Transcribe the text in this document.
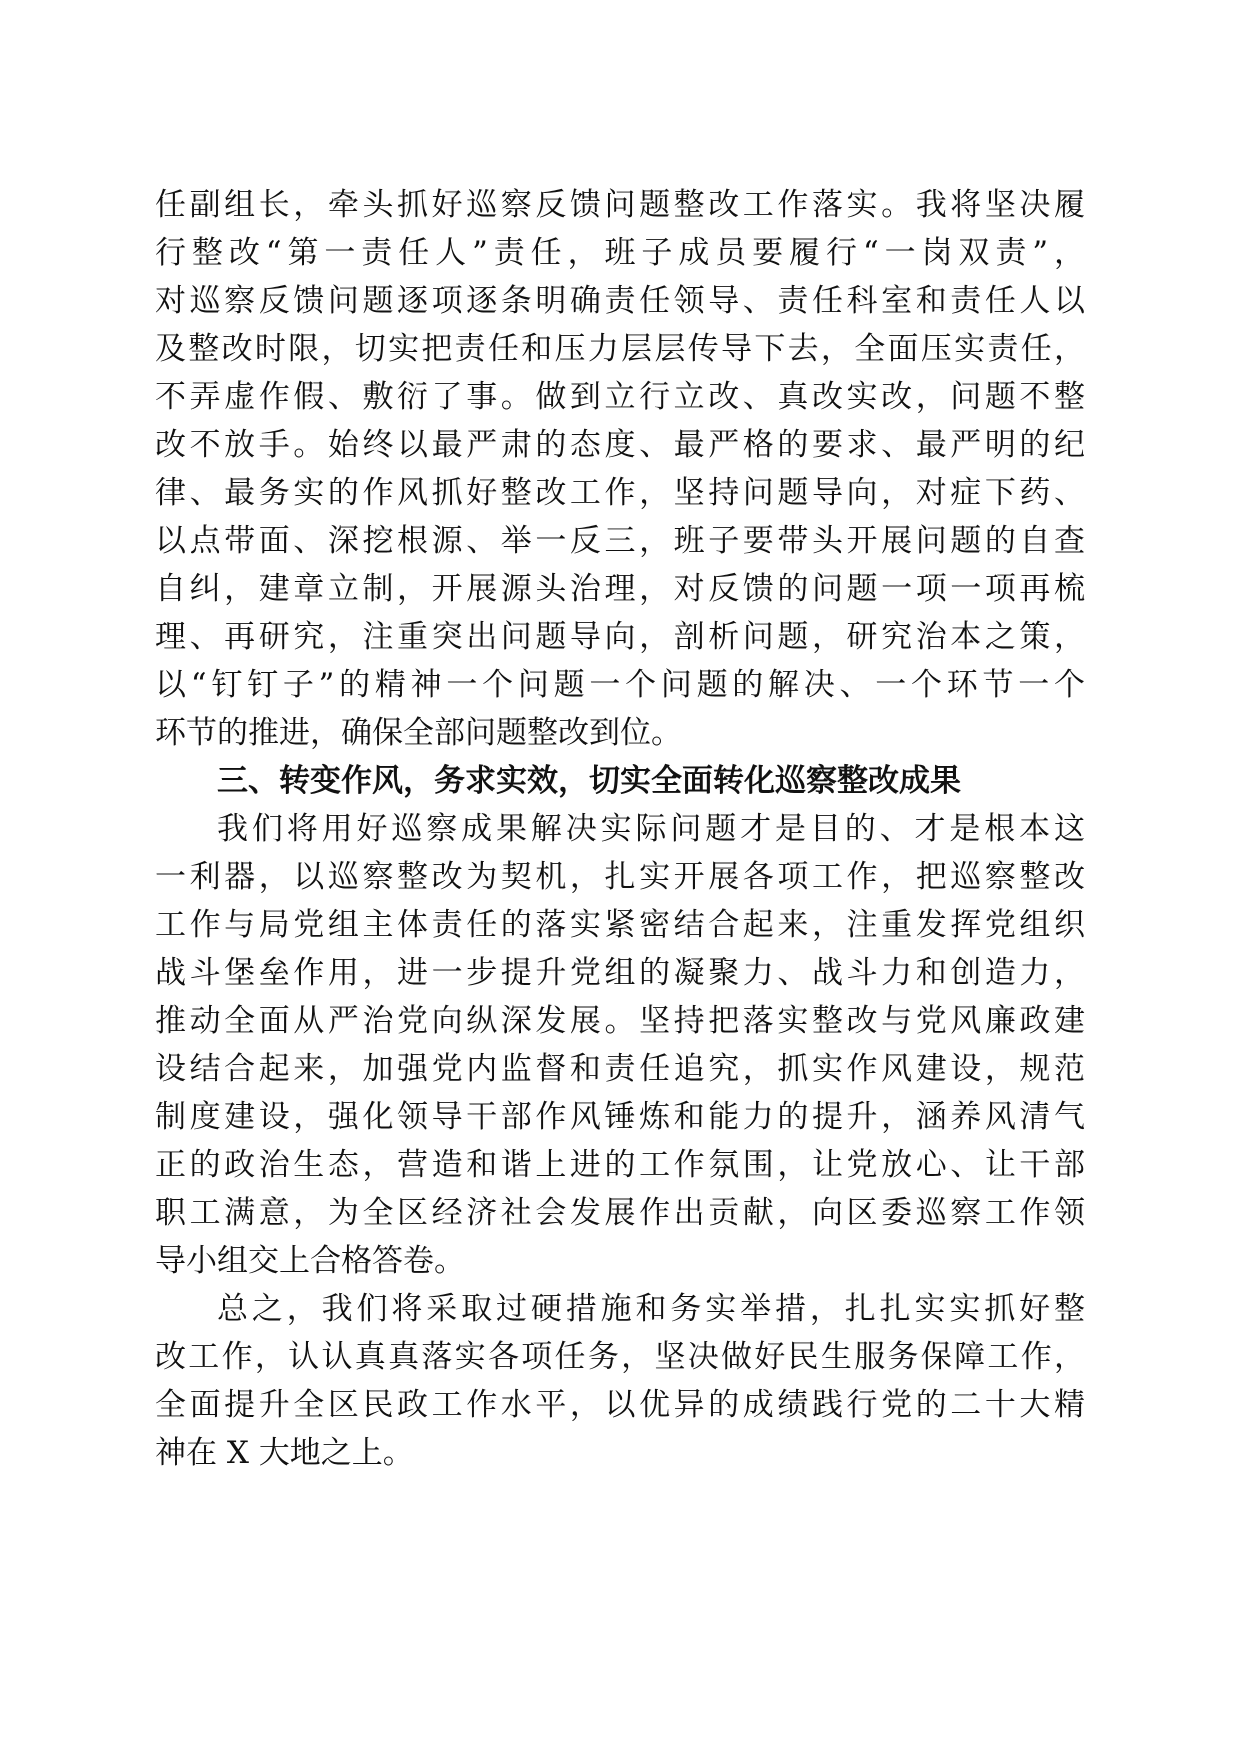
任副组长，牵头抓好巡察反馈问题整改工作落实。我将坚决履
行整改“第一责任人”责任，班子成员要履行“一岗双责”，
对巡察反馈问题逐项逐条明确责任领导、责任科室和责任人以
及整改时限，切实把责任和压力层层传导下去，全面压实责任，
不弄虚作假、敷衍了事。做到立行立改、真改实改，问题不整
改不放手。始终以最严肃的态度、最严格的要求、最严明的纪
律、最务实的作风抓好整改工作，坚持问题导向，对症下药、
以点带面、深挖根源、举一反三，班子要带头开展问题的自查
自纠，建章立制，开展源头治理，对反馈的问题一项一项再梳
理、再研究，注重突出问题导向，剖析问题，研究治本之策，
以“钉钉子”的精神一个问题一个问题的解决、一个环节一个
环节的推进，确保全部问题整改到位。
三、转变作风，务求实效，切实全面转化巡察整改成果
我们将用好巡察成果解决实际问题才是目的、才是根本这
一利器，以巡察整改为契机，扎实开展各项工作，把巡察整改
工作与局党组主体责任的落实紧密结合起来，注重发挥党组织
战斗堡垒作用，进一步提升党组的凝聚力、战斗力和创造力，
推动全面从严治党向纵深发展。坚持把落实整改与党风廉政建
设结合起来，加强党内监督和责任追究，抓实作风建设，规范
制度建设，强化领导干部作风锤炼和能力的提升，涵养风清气
正的政治生态，营造和谐上进的工作氛围，让党放心、让干部
职工满意，为全区经济社会发展作出贡献，向区委巡察工作领
导小组交上合格答卷。
总之，我们将采取过硬措施和务实举措，扎扎实实抓好整
改工作，认认真真落实各项任务，坚决做好民生服务保障工作，
全面提升全区民政工作水平，以优异的成绩践行党的二十大精
神在 X 大地之上。
